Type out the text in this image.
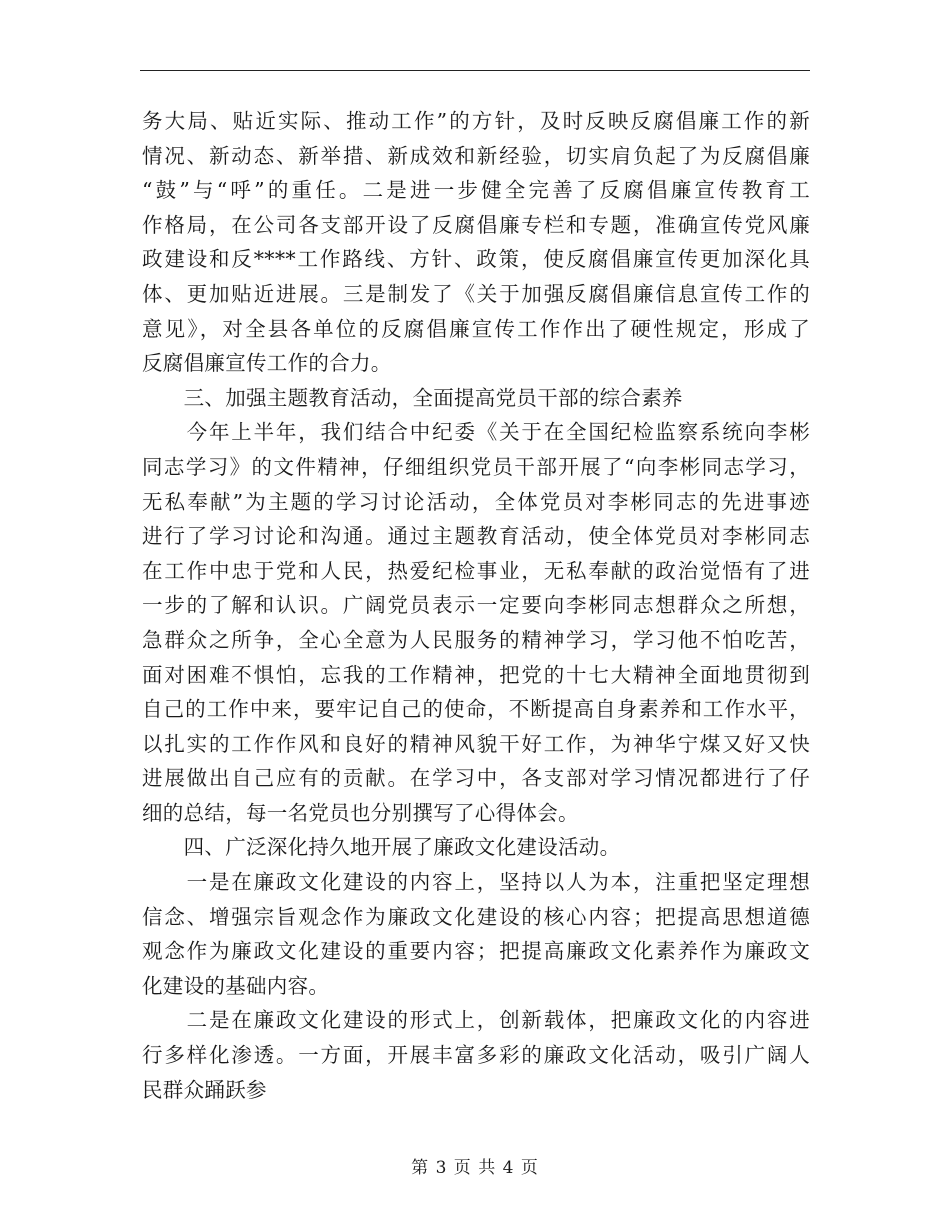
务大局、贴近实际、推动工作”的方针，及时反映反腐倡廉工作的新
情况、新动态、新举措、新成效和新经验，切实肩负起了为反腐倡廉
“鼓”与“呼”的重任。二是进一步健全完善了反腐倡廉宣传教育工
作格局，在公司各支部开设了反腐倡廉专栏和专题，准确宣传党风廉
政建设和反****工作路线、方针、政策，使反腐倡廉宣传更加深化具
体、更加贴近进展。三是制发了《关于加强反腐倡廉信息宣传工作的
意见》，对全县各单位的反腐倡廉宣传工作作出了硬性规定，形成了
反腐倡廉宣传工作的合力。
　　三、加强主题教育活动，全面提高党员干部的综合素养
　　今年上半年，我们结合中纪委《关于在全国纪检监察系统向李彬
同志学习》的文件精神，仔细组织党员干部开展了“向李彬同志学习，
无私奉献”为主题的学习讨论活动，全体党员对李彬同志的先进事迹
进行了学习讨论和沟通。通过主题教育活动，使全体党员对李彬同志
在工作中忠于党和人民，热爱纪检事业，无私奉献的政治觉悟有了进
一步的了解和认识。广阔党员表示一定要向李彬同志想群众之所想，
急群众之所争，全心全意为人民服务的精神学习，学习他不怕吃苦，
面对困难不惧怕，忘我的工作精神，把党的十七大精神全面地贯彻到
自己的工作中来，要牢记自己的使命，不断提高自身素养和工作水平，
以扎实的工作作风和良好的精神风貌干好工作，为神华宁煤又好又快
进展做出自己应有的贡献。在学习中，各支部对学习情况都进行了仔
细的总结，每一名党员也分别撰写了心得体会。
　　四、广泛深化持久地开展了廉政文化建设活动。
　　一是在廉政文化建设的内容上，坚持以人为本，注重把坚定理想
信念、增强宗旨观念作为廉政文化建设的核心内容；把提高思想道德
观念作为廉政文化建设的重要内容；把提高廉政文化素养作为廉政文
化建设的基础内容。
　　二是在廉政文化建设的形式上，创新载体，把廉政文化的内容进
行多样化渗透。一方面，开展丰富多彩的廉政文化活动，吸引广阔人
民群众踊跃参
第 3 页 共 4 页
